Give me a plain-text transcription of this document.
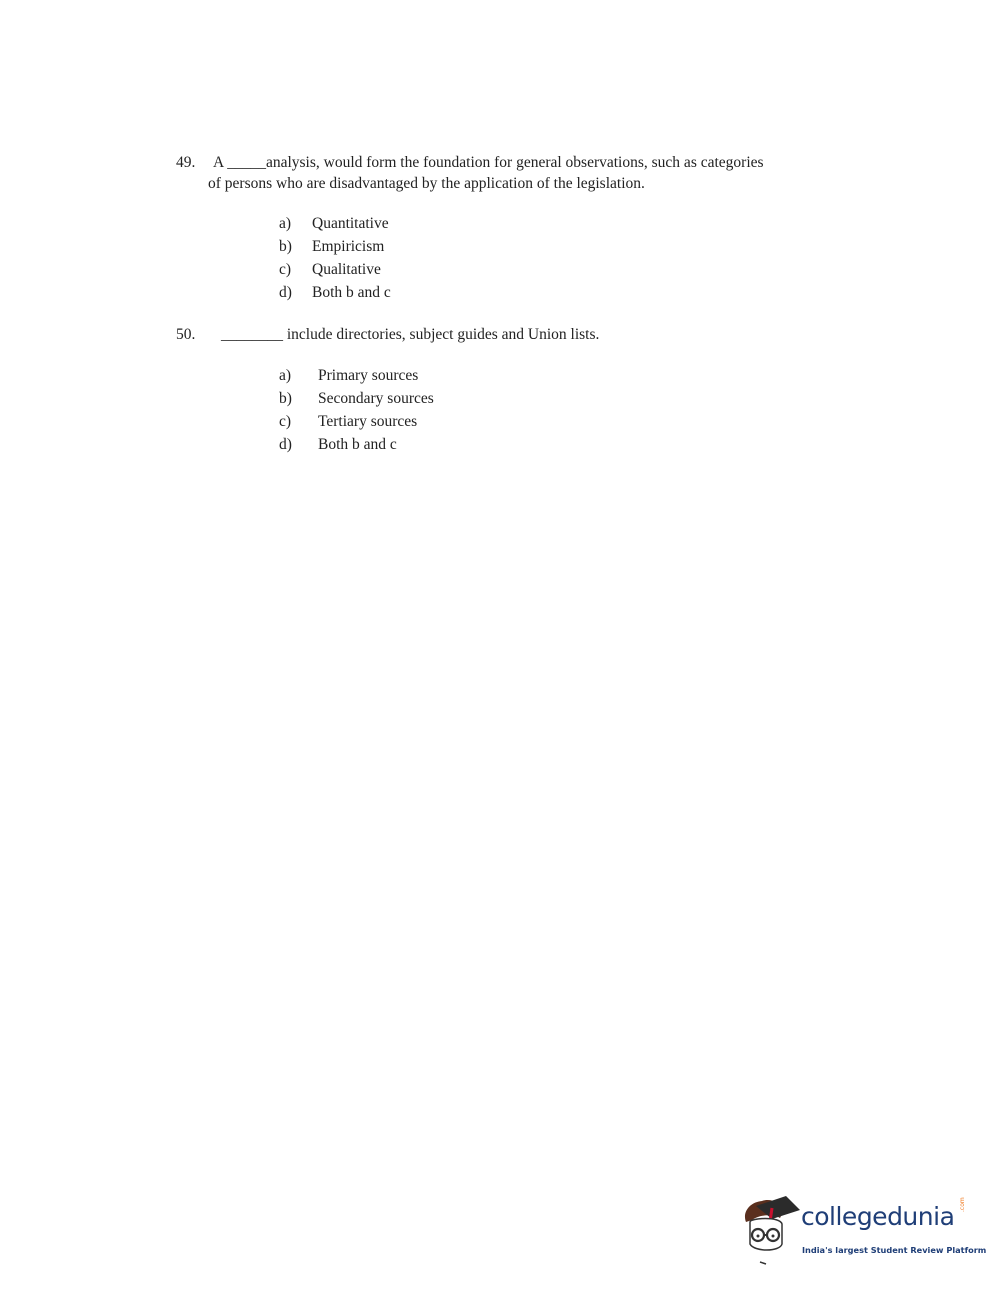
49. A _____analysis, would form the foundation for general observations, such as categories
of persons who are disadvantaged by the application of the legislation.
a) Quantitative
b) Empiricism
c) Qualitative
d) Both b and c
50. ________ include directories, subject guides and Union lists.
a) Primary sources
b) Secondary sources
c) Tertiary sources
d) Both b and c
collegedunia .com
India's largest Student Review Platform
